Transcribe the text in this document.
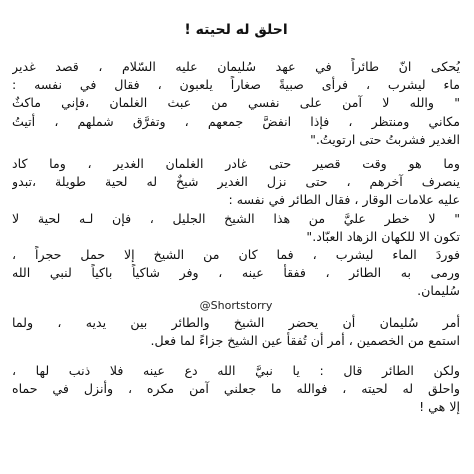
احلق له لحيته !
يُحكى انّ طائراً في عهد سُليمان عليه السّلام ، قصد غدير
ماء ليشرب ، فرأى صبيةً صغاراً يلعبون ، فقال في نفسه :
" والله لا آمن على نفسي من عبث الغلمان ،فإني ماكثٌ
مكاني ومنتظر ، فإذا انفضَّ جمعهم ، وتفرَّق شملهم ، أتيتُ
الغدير فشربتُ حتى ارتويتُ."
وما هو وقت قصير حتى غادر الغلمان الغدير ، وما كاد
ينصرف آخرهم ، حتى نزل الغدير شيخٌ له لحية طويلة ،تبدو
عليه علامات الوقار ، فقال الطائر في نفسه :
" لا خطر عليَّ من هذا الشيخ الجليل ، فإن لـه لحية لا
تكون الا للكهان الزهاد العبّاد."
فوردَ الماء ليشرب ، فما كان من الشيخ إلا حمل حجراً ،
ورمى به الطائر ، ففقأ عينه ، وفر شاكياً باكياً لنبي الله
سُليمان.
@Shortstorry
أمر سُليمان أن يحضر الشيخ والطائر بين يديه ، ولما
استمع من الخصمين ، أمر أن تُفقأ عين الشيخ جزاءً لما فعل.
ولكن الطائر قال : يا نبيَّ الله دع عينه فلا ذنب لها ،
واحلق له لحيته ، فوالله ما جعلني آمن مكره ، وأنزل في حماه
إلا هي !
